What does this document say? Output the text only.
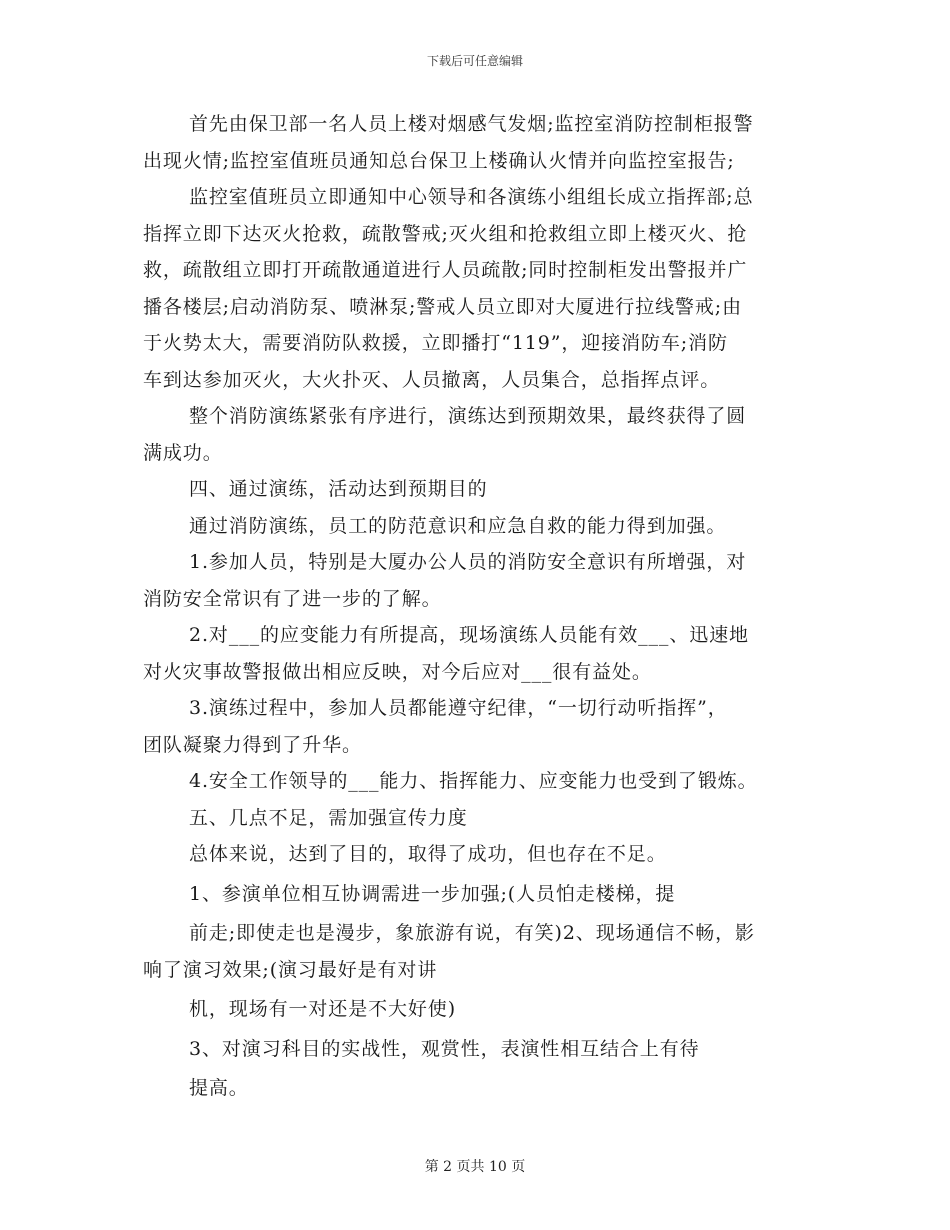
下载后可任意编辑

首先由保卫部一名人员上楼对烟感气发烟;监控室消防控制柜报警

出现火情;监控室值班员通知总台保卫上楼确认火情并向监控室报告;

监控室值班员立即通知中心领导和各演练小组组长成立指挥部;总

指挥立即下达灭火抢救，疏散警戒;灭火组和抢救组立即上楼灭火、抢

救，疏散组立即打开疏散通道进行人员疏散;同时控制柜发出警报并广

播各楼层;启动消防泵、喷淋泵;警戒人员立即对大厦进行拉线警戒;由

于火势太大，需要消防队救援，立即播打“119”，迎接消防车;消防

车到达参加灭火，大火扑灭、人员撤离，人员集合，总指挥点评。

整个消防演练紧张有序进行，演练达到预期效果，最终获得了圆

满成功。

四、通过演练，活动达到预期目的

通过消防演练，员工的防范意识和应急自救的能力得到加强。

1.参加人员，特别是大厦办公人员的消防安全意识有所增强，对

消防安全常识有了进一步的了解。

2.对___的应变能力有所提高，现场演练人员能有效___、迅速地

对火灾事故警报做出相应反映，对今后应对___很有益处。

3.演练过程中，参加人员都能遵守纪律，“一切行动听指挥”，

团队凝聚力得到了升华。

4.安全工作领导的___能力、指挥能力、应变能力也受到了锻炼。

五、几点不足，需加强宣传力度

总体来说，达到了目的，取得了成功，但也存在不足。

1、参演单位相互协调需进一步加强;(人员怕走楼梯，提

前走;即使走也是漫步，象旅游有说，有笑)2、现场通信不畅，影

响了演习效果;(演习最好是有对讲

机，现场有一对还是不大好使)

3、对演习科目的实战性，观赏性，表演性相互结合上有待

提高。

第 2 页共 10 页
